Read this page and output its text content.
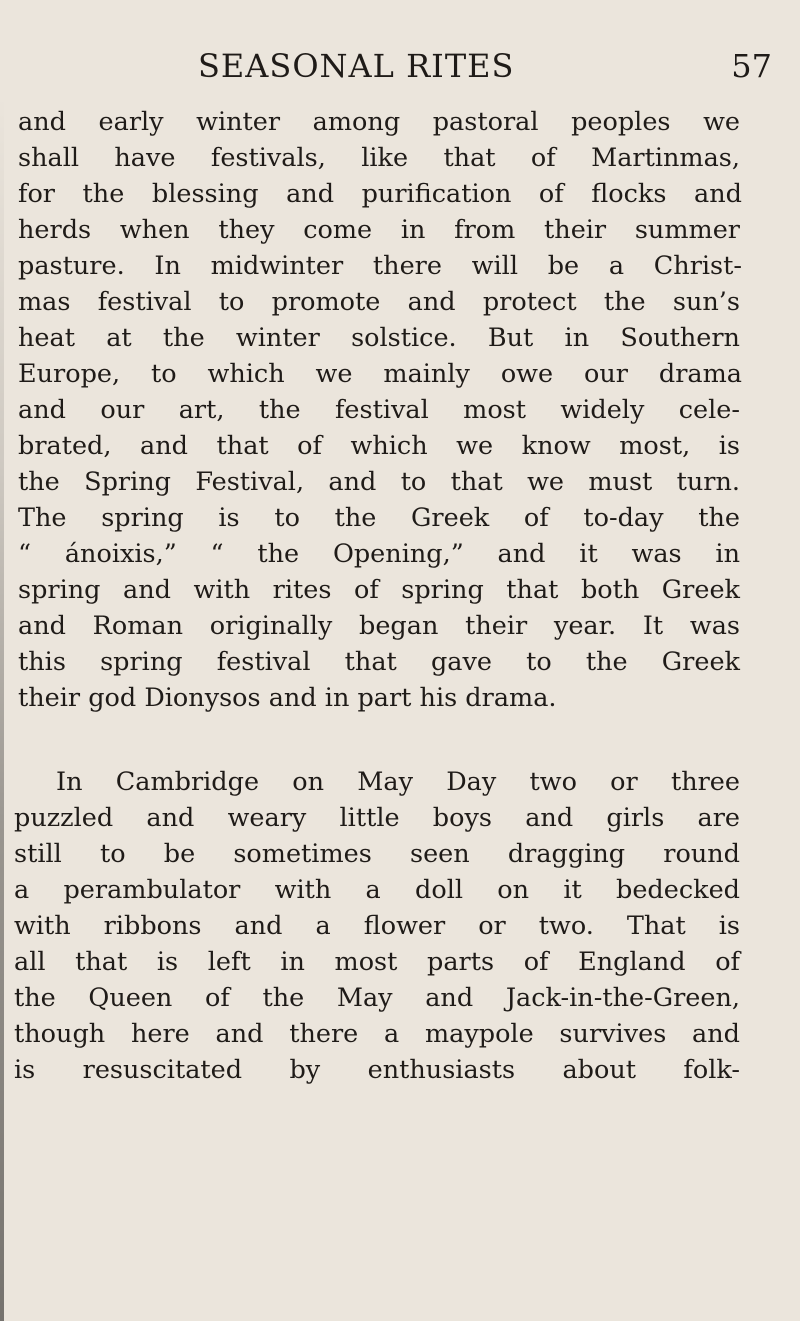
SEASONAL RITES	57
and early winter among pastoral peoples we
shall have festivals, like that of Martinmas,
for the blessing and purification of flocks and
herds when they come in from their summer
pasture. In midwinter there will be a Christ-
mas festival to promote and protect the sun’s
heat at the winter solstice. But in Southern
Europe, to which we mainly owe our drama
and our art, the festival most widely cele-
brated, and that of which we know most, is
the Spring Festival, and to that we must turn.
The spring is to the Greek of to-day the
“ ánoixis,” “ the Opening,” and it was in
spring and with rites of spring that both Greek
and Roman originally began their year. It was
this spring festival that gave to the Greek
their god Dionysos and in part his drama.
In Cambridge on May Day two or three
puzzled and weary little boys and girls are
still to be sometimes seen dragging round
a perambulator with a doll on it bedecked
with ribbons and a flower or two. That is
all that is left in most parts of England of
the Queen of the May and Jack-in-the-Green,
though here and there a maypole survives and
is resuscitated by enthusiasts about folk-
